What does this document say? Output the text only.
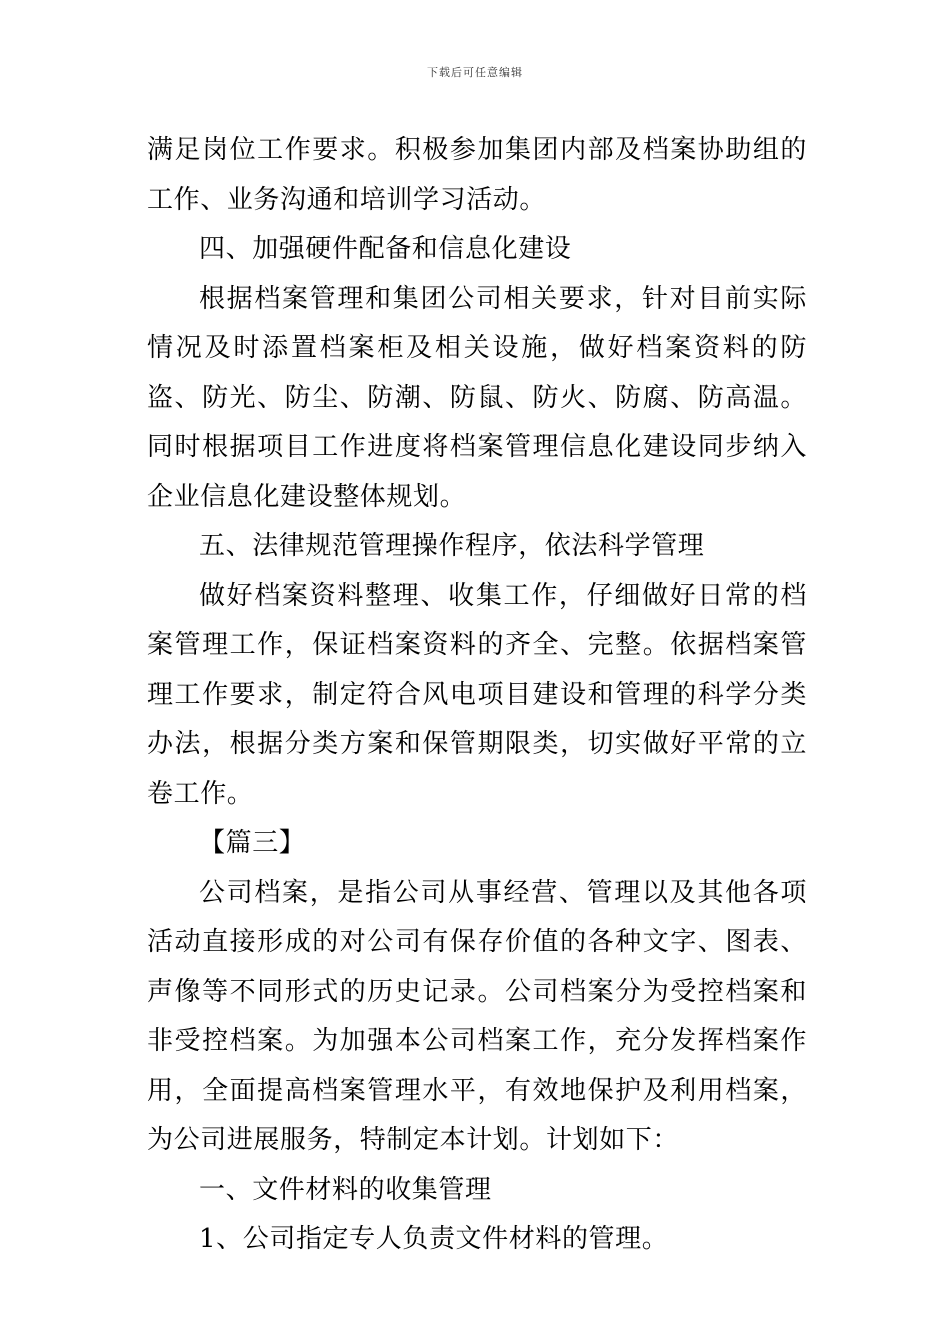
下载后可任意编辑

满足岗位工作要求。积极参加集团内部及档案协助组的工作、业务沟通和培训学习活动。

四、加强硬件配备和信息化建设

根据档案管理和集团公司相关要求，针对目前实际情况及时添置档案柜及相关设施，做好档案资料的防盗、防光、防尘、防潮、防鼠、防火、防腐、防高温。同时根据项目工作进度将档案管理信息化建设同步纳入企业信息化建设整体规划。

五、法律规范管理操作程序，依法科学管理

做好档案资料整理、收集工作，仔细做好日常的档案管理工作，保证档案资料的齐全、完整。依据档案管理工作要求，制定符合风电项目建设和管理的科学分类办法，根据分类方案和保管期限类，切实做好平常的立卷工作。

【篇三】

公司档案，是指公司从事经营、管理以及其他各项活动直接形成的对公司有保存价值的各种文字、图表、声像等不同形式的历史记录。公司档案分为受控档案和非受控档案。为加强本公司档案工作，充分发挥档案作用，全面提高档案管理水平，有效地保护及利用档案，为公司进展服务，特制定本计划。计划如下：

一、文件材料的收集管理

1、公司指定专人负责文件材料的管理。
